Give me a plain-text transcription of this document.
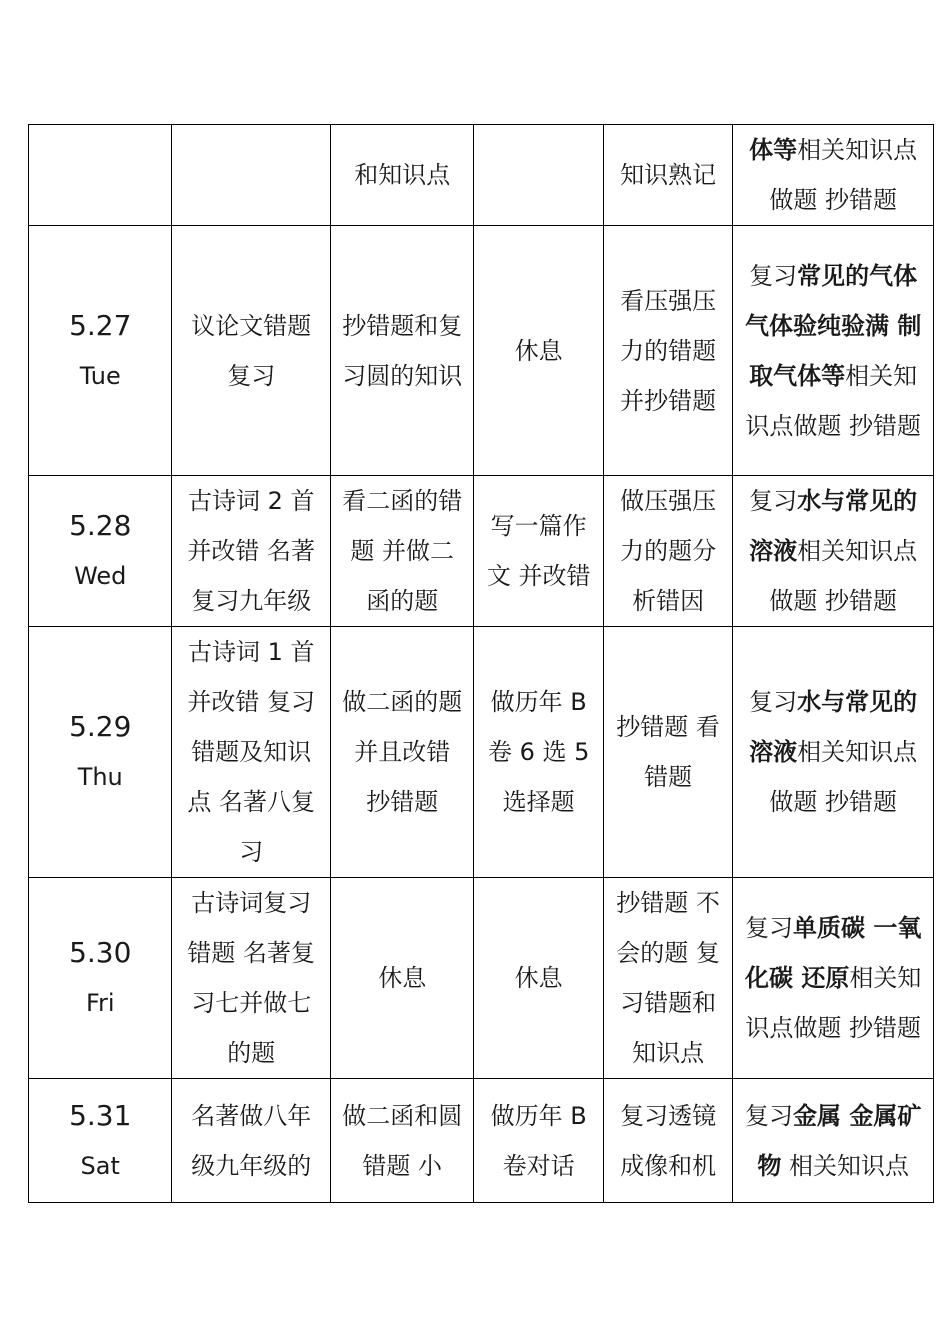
		和知识点		知识熟记	体等相关知识点做题 抄错题

5.27
Tue	议论文错题复习	抄错题和复习圆的知识	休息	看压强压力的错题并抄错题	复习常见的气体 气体验纯验满 制取气体等相关知识点做题 抄错题

5.28
Wed	古诗词 2 首并改错 名著复习九年级	看二函的错题 并做二函的题	写一篇作文 并改错	做压强压力的题分析错因	复习水与常见的溶液相关知识点做题 抄错题

5.29
Thu	古诗词 1 首并改错 复习错题及知识点 名著八复习	做二函的题并且改错 抄错题	做历年 B 卷 6 选 5 选择题	抄错题 看错题	复习水与常见的溶液相关知识点做题 抄错题

5.30
Fri	古诗词复习错题 名著复习七并做七的题	休息	休息	抄错题 不会的题 复习错题和知识点	复习单质碳 一氧化碳 还原相关知识点做题 抄错题

5.31
Sat	名著做八年级九年级的	做二函和圆错题 小	做历年 B 卷对话	复习透镜成像和机	复习金属 金属矿物 相关知识点
